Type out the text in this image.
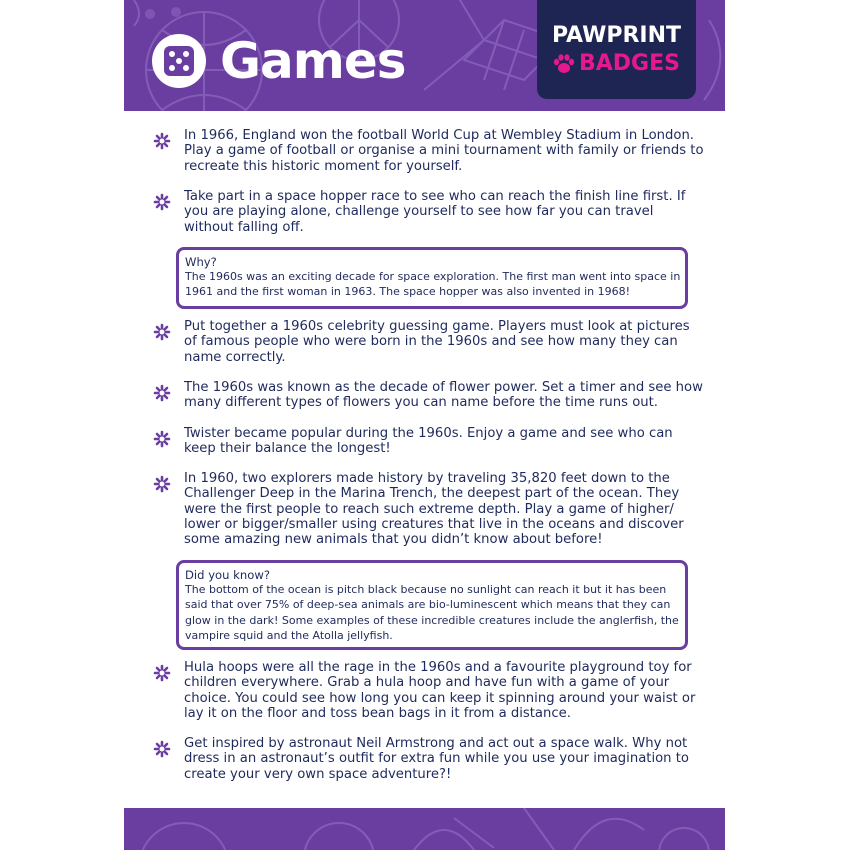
Games	PAWPRINT
BADGES

In 1966, England won the football World Cup at Wembley Stadium in London. Play a game of football or organise a mini tournament with family or friends to recreate this historic moment for yourself.

Take part in a space hopper race to see who can reach the finish line first. If you are playing alone, challenge yourself to see how far you can travel without falling off.

Why?
The 1960s was an exciting decade for space exploration. The first man went into space in 1961 and the first woman in 1963. The space hopper was also invented in 1968!

Put together a 1960s celebrity guessing game. Players must look at pictures of famous people who were born in the 1960s and see how many they can name correctly.

The 1960s was known as the decade of flower power. Set a timer and see how many different types of flowers you can name before the time runs out.

Twister became popular during the 1960s. Enjoy a game and see who can keep their balance the longest!

In 1960, two explorers made history by traveling 35,820 feet down to the Challenger Deep in the Marina Trench, the deepest part of the ocean. They were the first people to reach such extreme depth. Play a game of higher/ lower or bigger/smaller using creatures that live in the oceans and discover some amazing new animals that you didn’t know about before!

Did you know?
The bottom of the ocean is pitch black because no sunlight can reach it but it has been said that over 75% of deep-sea animals are bio-luminescent which means that they can glow in the dark! Some examples of these incredible creatures include the anglerfish, the vampire squid and the Atolla jellyfish.

Hula hoops were all the rage in the 1960s and a favourite playground toy for children everywhere. Grab a hula hoop and have fun with a game of your choice. You could see how long you can keep it spinning around your waist or lay it on the floor and toss bean bags in it from a distance.

Get inspired by astronaut Neil Armstrong and act out a space walk. Why not dress in an astronaut’s outfit for extra fun while you use your imagination to create your very own space adventure?!
